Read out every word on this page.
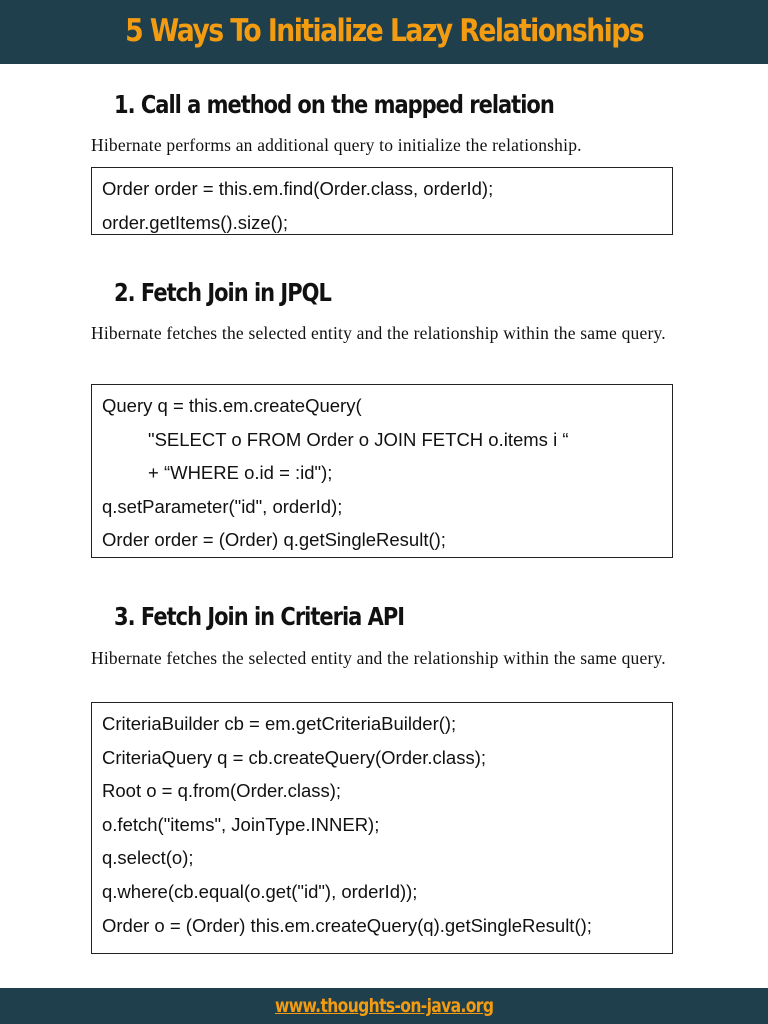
5 Ways To Initialize Lazy Relationships
1. Call a method on the mapped relation

Hibernate performs an additional query to initialize the relationship.

Order order = this.em.find(Order.class, orderId);
order.getItems().size();
2. Fetch Join in JPQL

Hibernate fetches the selected entity and the relationship within the same query.

Query q = this.em.createQuery(
"SELECT o FROM Order o JOIN FETCH o.items i “
+ “WHERE o.id = :id");
q.setParameter("id", orderId);
Order order = (Order) q.getSingleResult();
3. Fetch Join in Criteria API

Hibernate fetches the selected entity and the relationship within the same query.

CriteriaBuilder cb = em.getCriteriaBuilder();
CriteriaQuery q = cb.createQuery(Order.class);
Root o = q.from(Order.class);
o.fetch("items", JoinType.INNER);
q.select(o);
q.where(cb.equal(o.get("id"), orderId));
Order o = (Order) this.em.createQuery(q).getSingleResult();
www.thoughts-on-java.org
